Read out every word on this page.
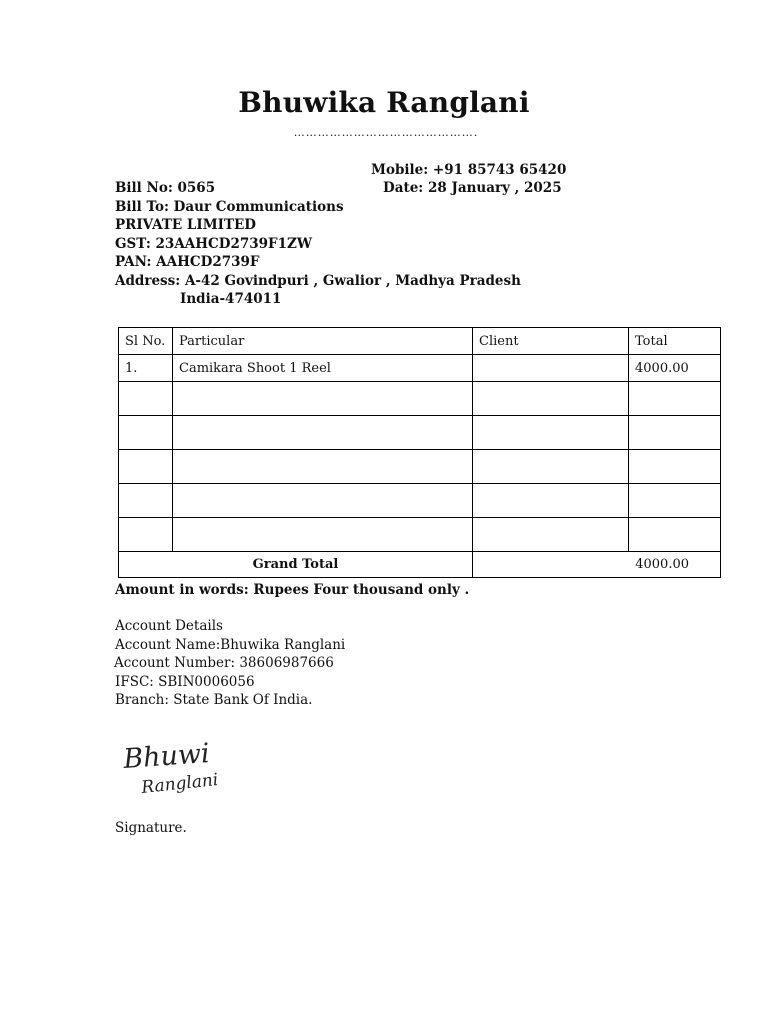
Bhuwika Ranglani
……………………………………….
Mobile: +91 85743 65420
Bill No: 0565	Date: 28 January , 2025
Bill To: Daur Communications
PRIVATE LIMITED
GST: 23AAHCD2739F1ZW
PAN: AAHCD2739F
Address: A-42 Govindpuri , Gwalior , Madhya Pradesh
India-474011
Sl No.	Particular	Client	Total
1.	Camikara Shoot 1 Reel		4000.00

Grand Total		4000.00	
Amount in words: Rupees Four thousand only .
Account Details
Account Name:Bhuwika Ranglani
Account Number: 38606987666
IFSC: SBIN0006056
Branch: State Bank Of India.
Bhuwi
Ranglani
Signature.
